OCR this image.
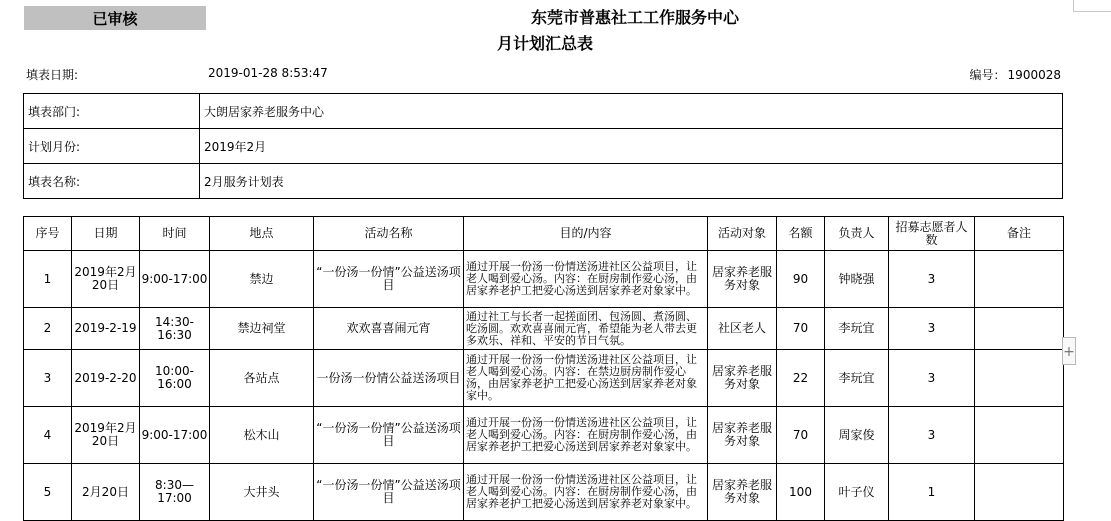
已审核	东莞市普惠社工工作服务中心
月计划汇总表
填表日期:	2019-01-28 8:53:47	编号： 1900028
填表部门:	大朗居家养老服务中心
计划月份:	2019年2月
填表名称:	2月服务计划表
序号	日期	时间	地点	活动名称	目的/内容	活动对象	名额	负责人	招募志愿者人数	备注
1	2019年2月20日	9:00-17:00	禁边	“一份汤一份情”公益送汤项目	通过开展一份汤一份情送汤进社区公益项目，让老人喝到爱心汤。内容：在厨房制作爱心汤，由居家养老护工把爱心汤送到居家养老对象家中。	居家养老服务对象	90	钟晓强	3	
2	2019-2-19	14:30-16:30	禁边祠堂	欢欢喜喜闹元宵	通过社工与长者一起搓面团、包汤圆、煮汤圆、吃汤圆。欢欢喜喜闹元宵，希望能为老人带去更多欢乐、祥和、平安的节日气氛。	社区老人	70	李玩宜	3	
3	2019-2-20	10:00-16:00	各站点	一份汤一份情公益送汤项目	通过开展一份汤一份情送汤进社区公益项目，让老人喝到爱心汤。内容：在禁边厨房制作爱心汤，由居家养老护工把爱心汤送到居家养老对象家中。	居家养老服务对象	22	李玩宜	3	
4	2019年2月20日	9:00-17:00	松木山	“一份汤一份情”公益送汤项目	通过开展一份汤一份情送汤进社区公益项目，让老人喝到爱心汤。内容：在厨房制作爱心汤，由居家养老护工把爱心汤送到居家养老对象家中。	居家养老服务对象	70	周家俊	3	
5	2月20日	8:30—17:00	大井头	“一份汤一份情”公益送汤项目	通过开展一份汤一份情送汤进社区公益项目，让老人喝到爱心汤。内容：在厨房制作爱心汤，由居家养老护工把爱心汤送到居家养老对象家中。	居家养老服务对象	100	叶子仪	1	
+
